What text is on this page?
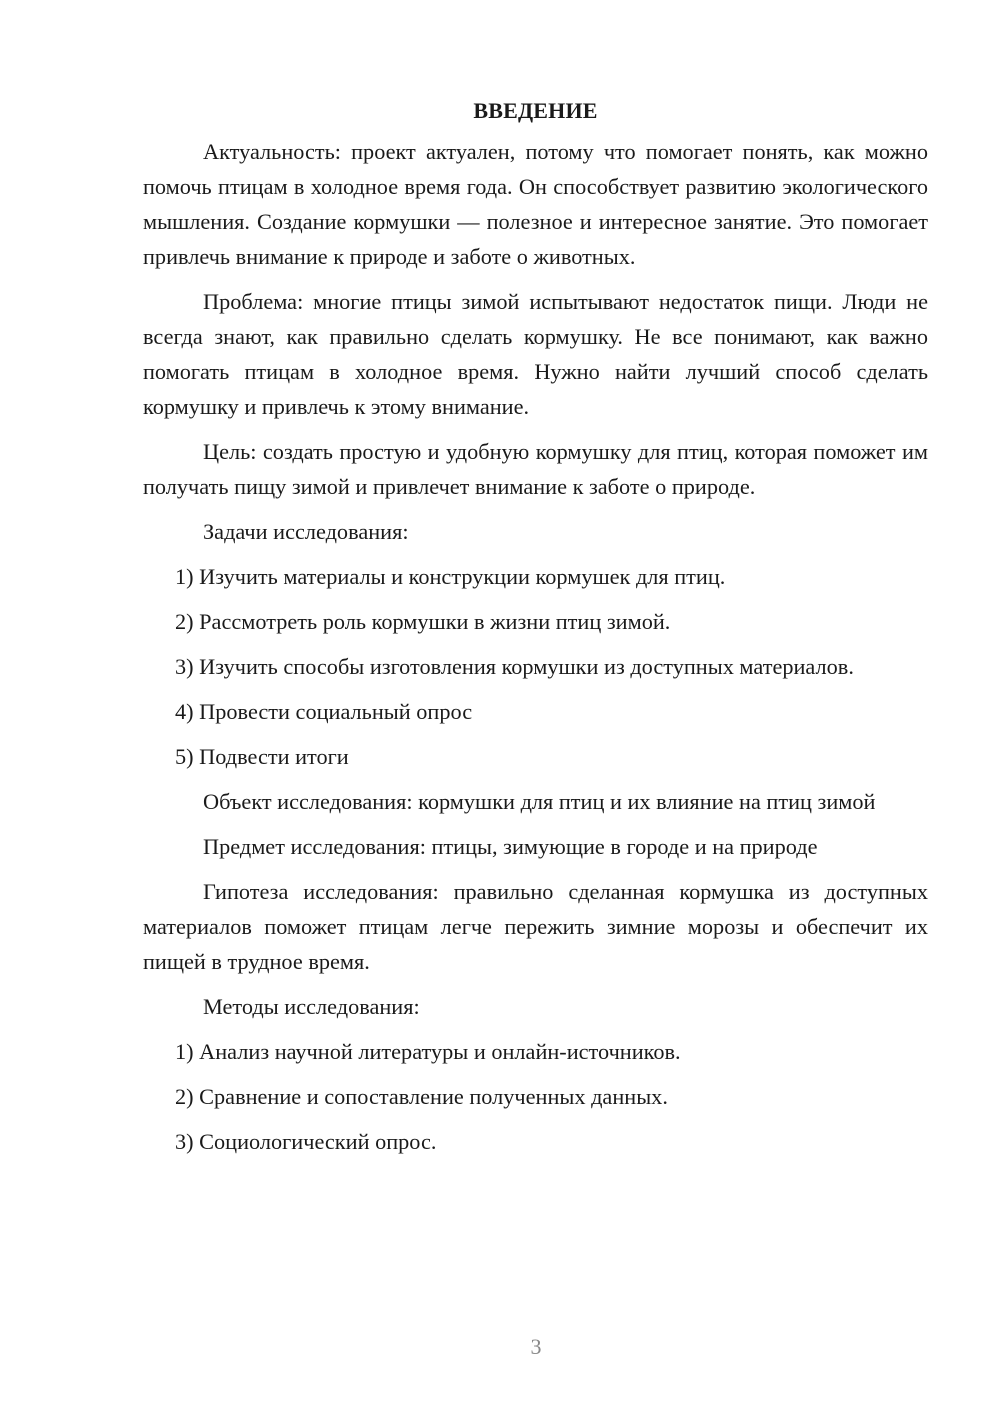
ВВЕДЕНИЕ

Актуальность: проект актуален, потому что помогает понять, как можно помочь птицам в холодное время года. Он способствует развитию экологического мышления. Создание кормушки — полезное и интересное занятие. Это помогает привлечь внимание к природе и заботе о животных.

Проблема: многие птицы зимой испытывают недостаток пищи. Люди не всегда знают, как правильно сделать кормушку. Не все понимают, как важно помогать птицам в холодное время. Нужно найти лучший способ сделать кормушку и привлечь к этому внимание.

Цель: создать простую и удобную кормушку для птиц, которая поможет им получать пищу зимой и привлечет внимание к заботе о природе.

Задачи исследования:

1) Изучить материалы и конструкции кормушек для птиц.

2) Рассмотреть роль кормушки в жизни птиц зимой.

3) Изучить способы изготовления кормушки из доступных материалов.

4) Провести социальный опрос

5) Подвести итоги

Объект исследования: кормушки для птиц и их влияние на птиц зимой

Предмет исследования: птицы, зимующие в городе и на природе

Гипотеза исследования: правильно сделанная кормушка из доступных материалов поможет птицам легче пережить зимние морозы и обеспечит их пищей в трудное время.

Методы исследования:

1) Анализ научной литературы и онлайн-источников.

2) Сравнение и сопоставление полученных данных.

3) Социологический опрос.

3
